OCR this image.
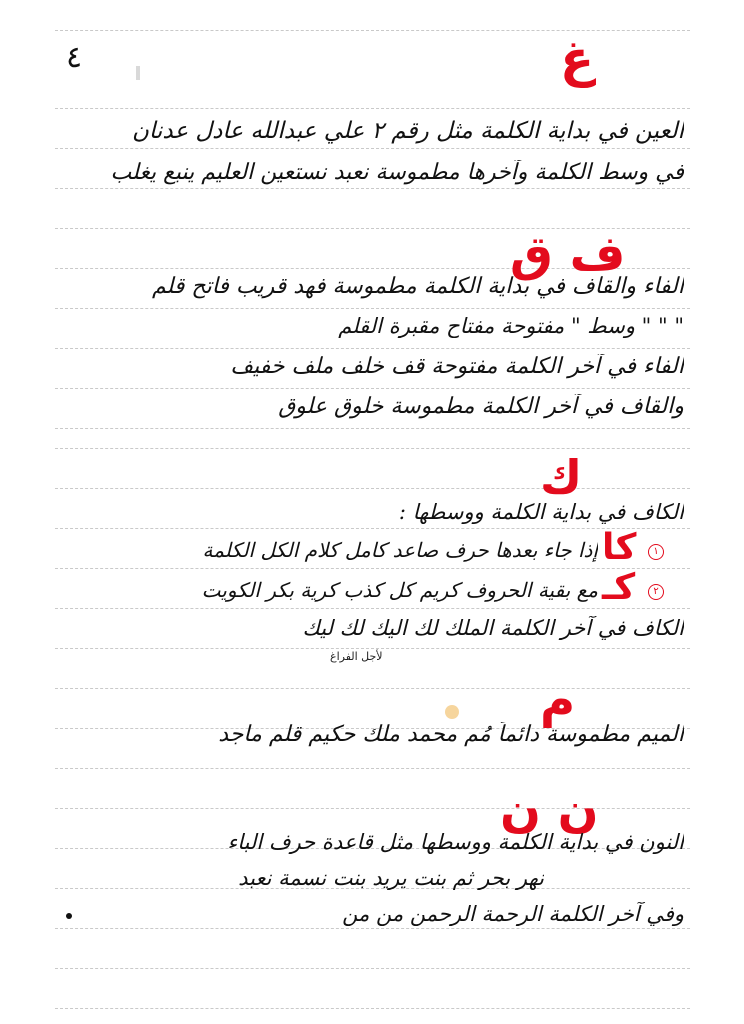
٤	غ
العين في بداية الكلمة مثل رقم ٢ علي عبدالله عادل عدنان
في وسط الكلمة وآخرها مطموسة نعبد نستعين العليم ينبع يغلب
ف ق
الفاء والقاف في بداية الكلمة مطموسة فهد قريب فاتح قلم
" " " وسط " مفتوحة مفتاح مقبرة القلم
الفاء في آخر الكلمة مفتوحة قف خلف ملف خفيف
والقاف في آخر الكلمة مطموسة خلوق علوق
ك
الكاف في بداية الكلمة ووسطها :
١
كا
إذا جاء بعدها حرف صاعد كامل كلام الكل الكلمة
٢
كـ
مع بقية الحروف كريم كل كذب كرية بكر الكويت
الكاف في آخر الكلمة الملك لك اليك لك ليك
لأجل الفراغ
م
الميم مطموسة دائماً مُم محمد ملك حكيم قلم ماجد
ن ن
النون في بداية الكلمة ووسطها مثل قاعدة حرف الباء
نهر بحر ثم بنت يريد بنت نسمة نعبد
وفي آخر الكلمة الرحمة الرحمن من من
